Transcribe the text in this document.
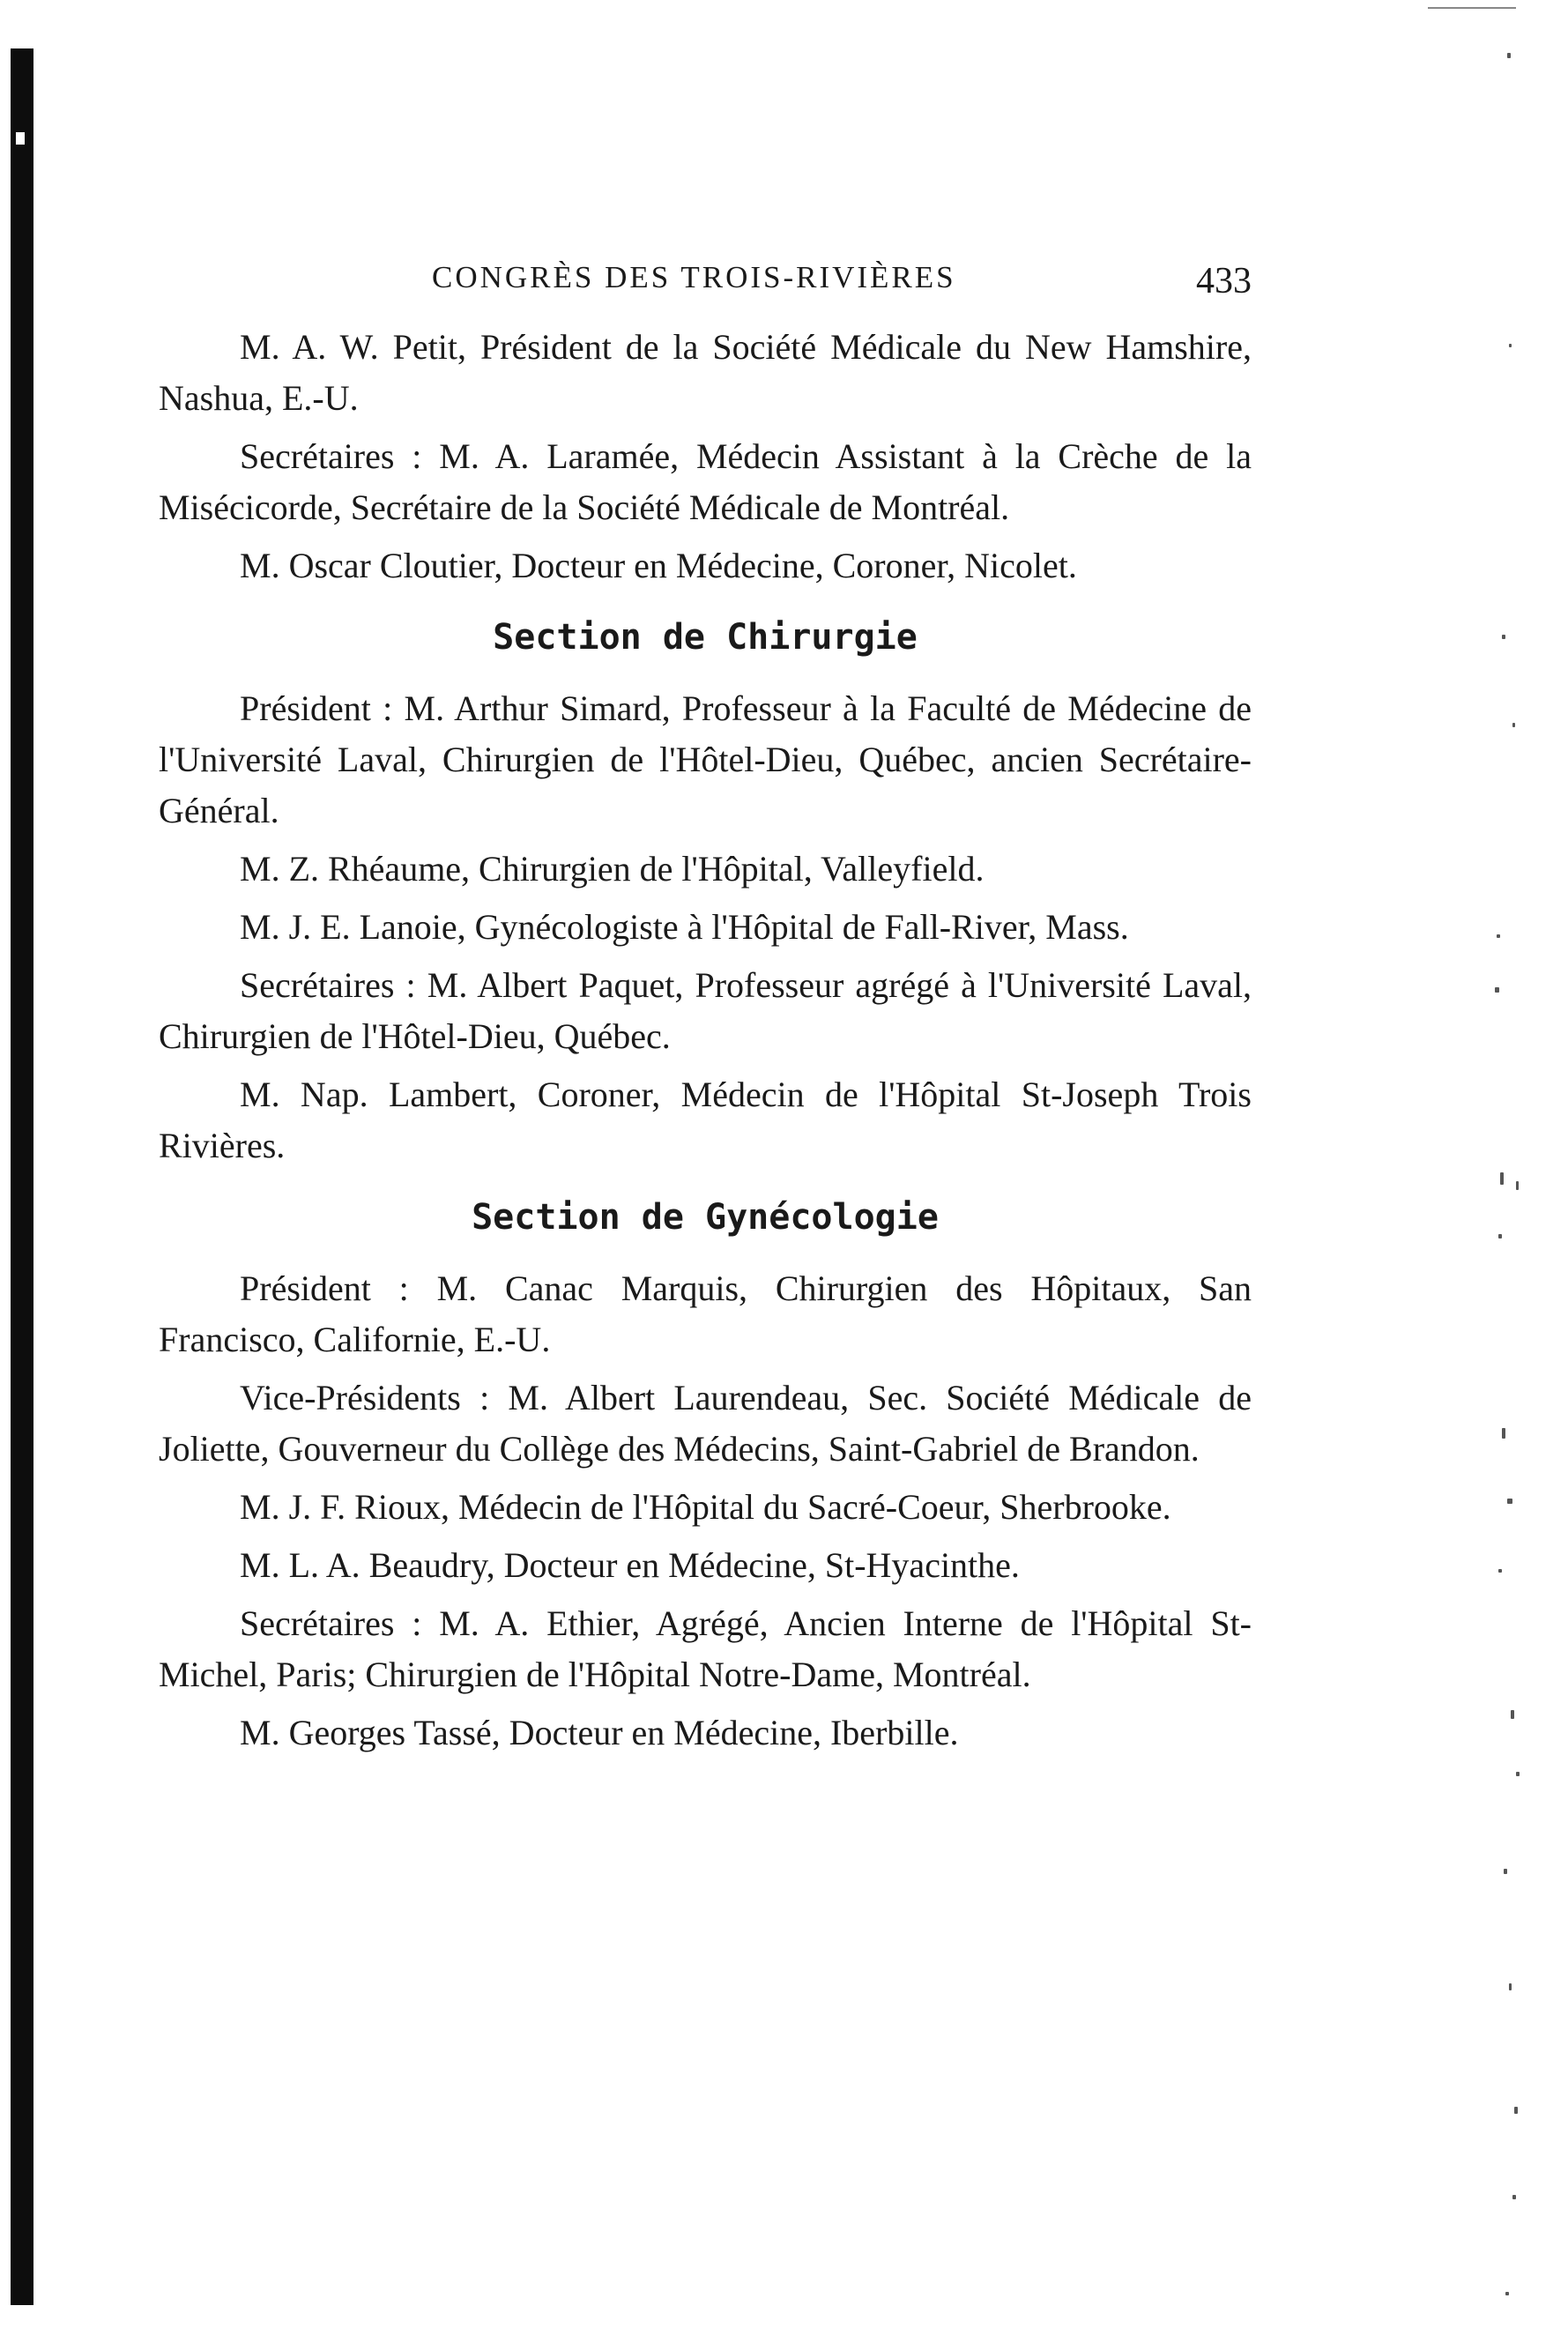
CONGRÈS DES TROIS-RIVIÈRES	433

M. A. W. Petit, Président de la Société Médicale du New Hamshire, Nashua, E.-U.

Secrétaires : M. A. Laramée, Médecin Assistant à la Crèche de la Misécicorde, Secrétaire de la Société Médicale de Montréal.

M. Oscar Cloutier, Docteur en Médecine, Coroner, Nicolet.

Section de Chirurgie

Président : M. Arthur Simard, Professeur à la Faculté de Médecine de l'Université Laval, Chirurgien de l'Hôtel-Dieu, Québec, ancien Secrétaire-Général.

M. Z. Rhéaume, Chirurgien de l'Hôpital, Valleyfield.

M. J. E. Lanoie, Gynécologiste à l'Hôpital de Fall-River, Mass.

Secrétaires : M. Albert Paquet, Professeur agrégé à l'Université Laval, Chirurgien de l'Hôtel-Dieu, Québec.

M. Nap. Lambert, Coroner, Médecin de l'Hôpital St-Joseph Trois Rivières.

Section de Gynécologie

Président : M. Canac Marquis, Chirurgien des Hôpitaux, San Francisco, Californie, E.-U.

Vice-Présidents : M. Albert Laurendeau, Sec. Société Médicale de Joliette, Gouverneur du Collège des Médecins, Saint-Gabriel de Brandon.

M. J. F. Rioux, Médecin de l'Hôpital du Sacré-Coeur, Sherbrooke.

M. L. A. Beaudry, Docteur en Médecine, St-Hyacinthe.

Secrétaires : M. A. Ethier, Agrégé, Ancien Interne de l'Hôpital St-Michel, Paris; Chirurgien de l'Hôpital Notre-Dame, Montréal.

M. Georges Tassé, Docteur en Médecine, Iberbille.
